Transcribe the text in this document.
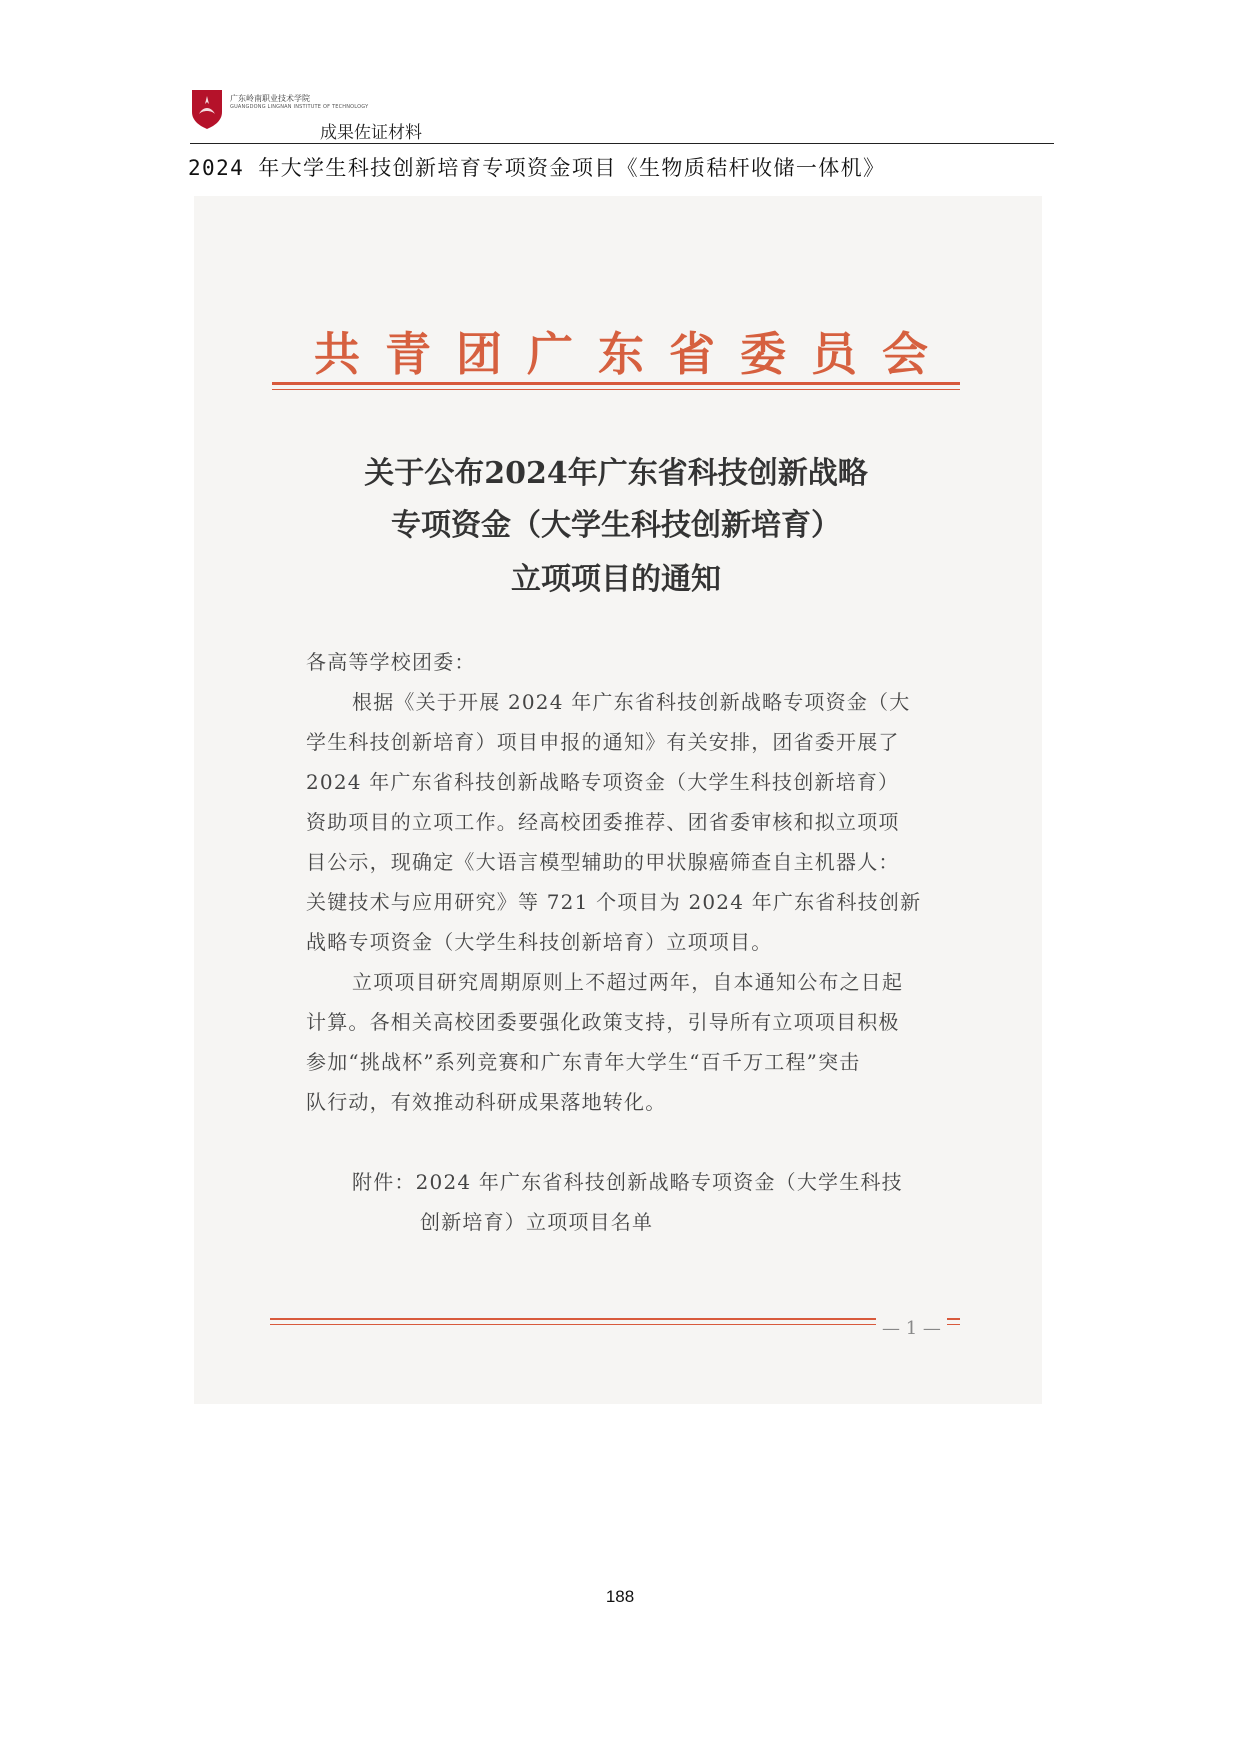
广东岭南职业技术学院
GUANGDONG LINGNAN INSTITUTE OF TECHNOLOGY
成果佐证材料
2024 年大学生科技创新培育专项资金项目《生物质秸杆收储一体机》
共青团广东省委员会
关于公布2024年广东省科技创新战略
专项资金（大学生科技创新培育）
立项项目的通知
各高等学校团委：
根据《关于开展 2024 年广东省科技创新战略专项资金（大
学生科技创新培育）项目申报的通知》有关安排，团省委开展了
2024 年广东省科技创新战略专项资金（大学生科技创新培育）
资助项目的立项工作。经高校团委推荐、团省委审核和拟立项项
目公示，现确定《大语言模型辅助的甲状腺癌筛查自主机器人：
关键技术与应用研究》等 721 个项目为 2024 年广东省科技创新
战略专项资金（大学生科技创新培育）立项项目。
立项项目研究周期原则上不超过两年，自本通知公布之日起
计算。各相关高校团委要强化政策支持，引导所有立项项目积极
参加“挑战杯”系列竞赛和广东青年大学生“百千万工程”突击
队行动，有效推动科研成果落地转化。
附件：2024 年广东省科技创新战略专项资金（大学生科技
创新培育）立项项目名单
— 1 —
188
